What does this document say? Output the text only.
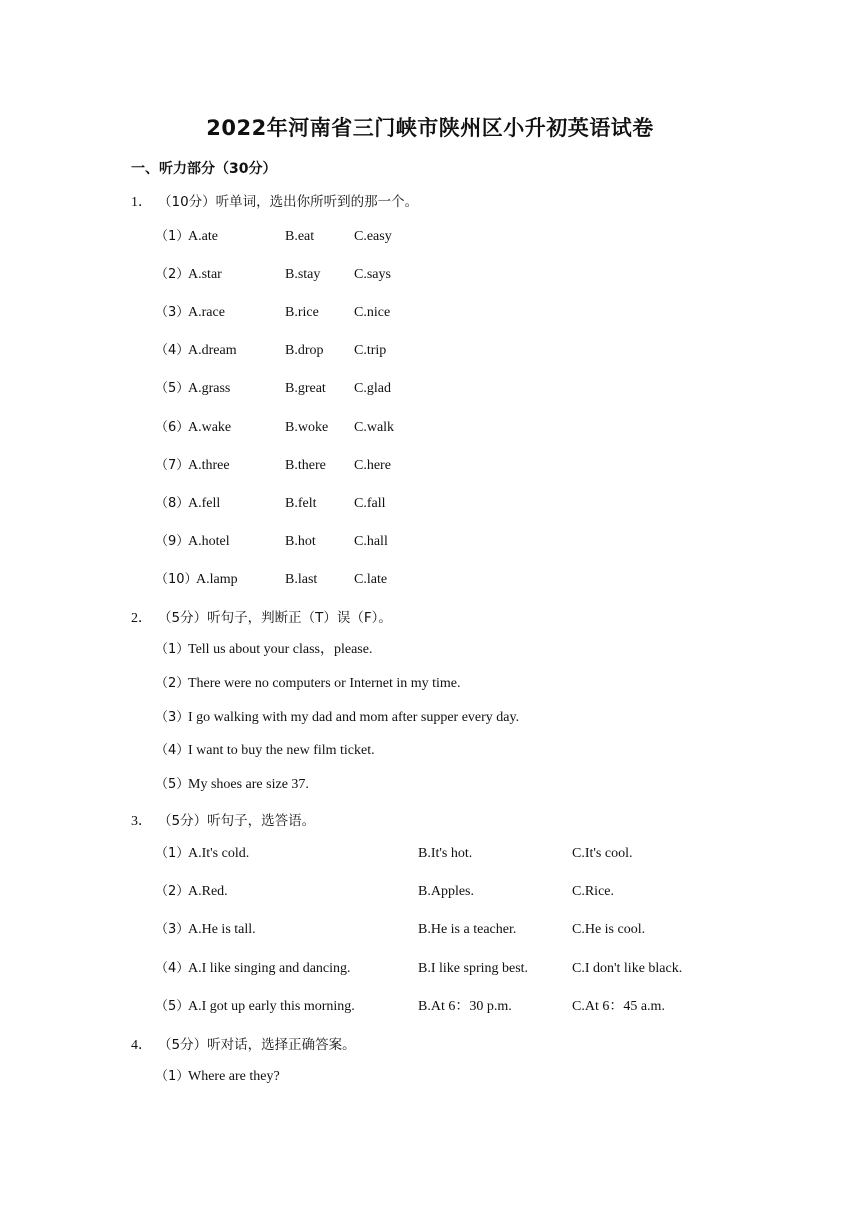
2022年河南省三门峡市陕州区小升初英语试卷
一、听力部分（30分）
1． （10分）听单词，选出你所听到的那一个。
（1）
A.ate	B.eat	C.easy
（2）
A.star	B.stay C.says
（3）
A.race	B.rice	C.nice
（4）
A.dream	B.drop C.trip
（5）
A.grass	B.great C.glad
（6）
A.wake	B.woke C.walk
（7）
A.three	B.there C.here
（8）
A.fell	B.felt	C.fall
（9）
A.hotel	B.hot	C.hall
（10）
A.lamp	B.last	C.late
2． （5分）听句子，判断正（T）误（F）。
（1）Tell us about your class，please.
（2）There were no computers or Internet in my time.
（3）I go walking with my dad and mom after supper every day.
（4）I want to buy the new film ticket.
（5）My shoes are size 37.
3． （5分）听句子，选答语。
（1）
A.It's cold.	B.It's hot.	C.It's cool.
（2）
A.Red.	B.Apples.	C.Rice.
（3）
A.He is tall.	B.He is a teacher.	C.He is cool.
（4）
A.I like singing and dancing.	B.I like spring best.	C.I don't like black.
（5）
A.I got up early this morning.	B.At 6：30 p.m.	C.At 6：45 a.m.
4． （5分）听对话，选择正确答案。
（1）Where are they?
